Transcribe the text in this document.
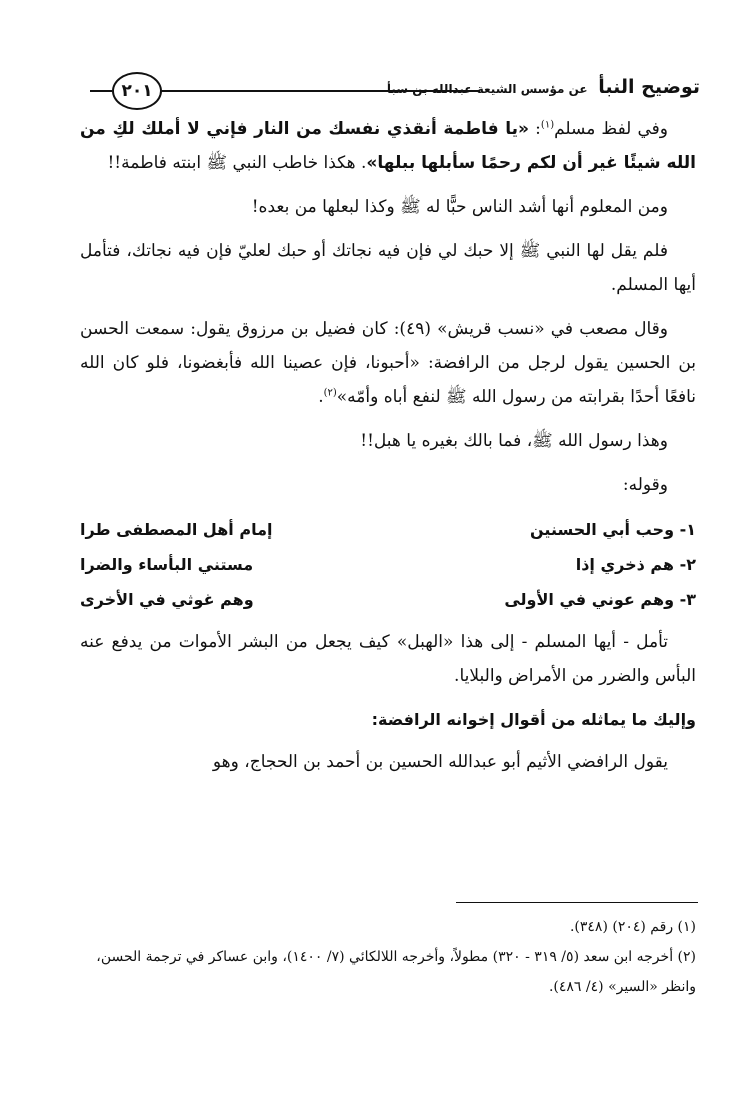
توضيح النبأ عن مؤسس الشيعة عبدالله بن سبأ
٢٠١

وفي لفظ مسلم$^{(١)}$: «يا فاطمة أنقذي نفسك من النار فإني لا أملك لكِ من الله شيئًا غير أن لكم رحمًا سأبلها ببلها». هكذا خاطب النبي ﷺ ابنته فاطمة!!

ومن المعلوم أنها أشد الناس حبًّا له ﷺ وكذا لبعلها من بعده!

فلم يقل لها النبي ﷺ إلا حبك لي فإن فيه نجاتك أو حبك لعليّ فإن فيه نجاتك، فتأمل أيها المسلم.

وقال مصعب في «نسب قريش» (٤٩): كان فضيل بن مرزوق يقول: سمعت الحسن بن الحسين يقول لرجل من الرافضة: «أحبونا، فإن عصينا الله فأبغضونا، فلو كان الله نافعًا أحدًا بقرابته من رسول الله ﷺ لنفع أباه وأمّه»$^{(٢)}$.

وهذا رسول الله ﷺ، فما بالك بغيره يا هبل!!

وقوله:

١- وحب أبي الحسنين
إمام أهل المصطفى طرا
٢- هم ذخري إذا
مستني البأساء والضرا
٣- وهم عوني في الأولى
وهم غوثي في الأخرى

تأمل - أيها المسلم - إلى هذا «الهبل» كيف يجعل من البشر الأموات من يدفع عنه البأس والضرر من الأمراض والبلايا.

وإليك ما يماثله من أقوال إخوانه الرافضة:

يقول الرافضي الأثيم أبو عبدالله الحسين بن أحمد بن الحجاج، وهو

(١) رقم (٢٠٤) (٣٤٨).

(٢) أخرجه ابن سعد (٥/ ٣١٩ - ٣٢٠) مطولاً، وأخرجه اللالكائي (٧/ ١٤٠٠)، وابن عساكر في ترجمة الحسن، وانظر «السير» (٤/ ٤٨٦).
